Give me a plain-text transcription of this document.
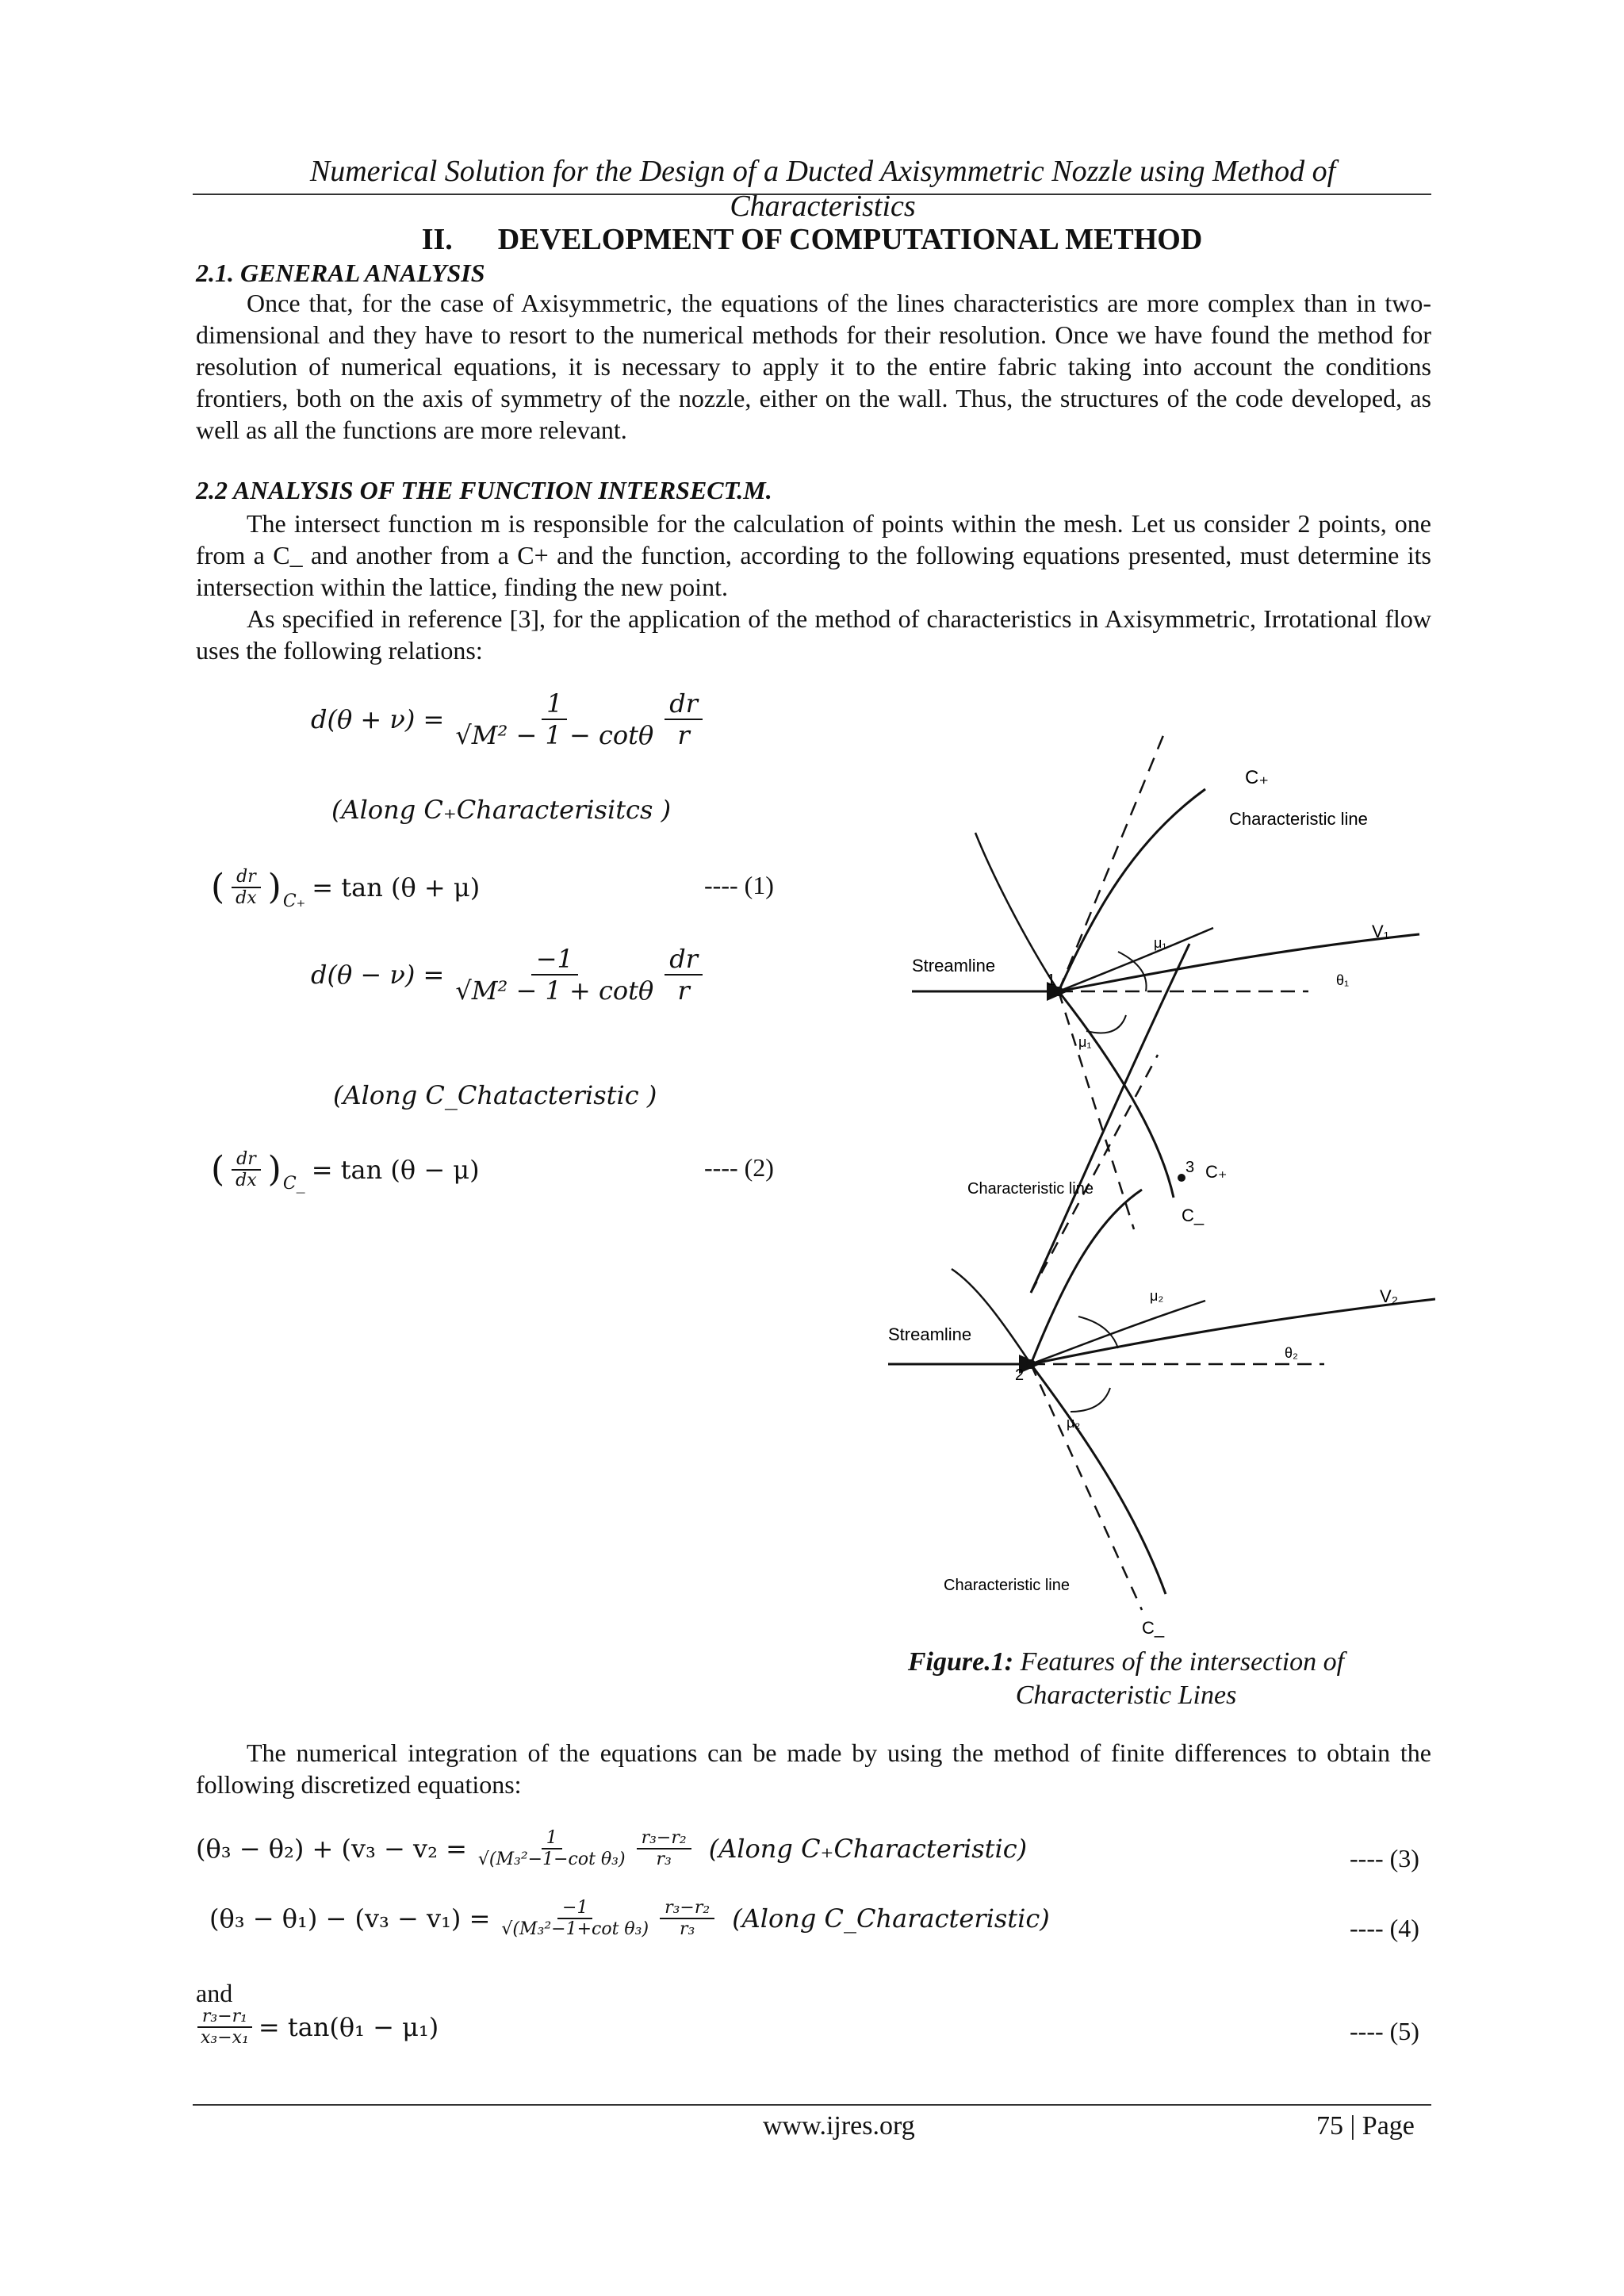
Numerical Solution for the Design of a Ducted Axisymmetric Nozzle using Method of Characteristics
II.      DEVELOPMENT OF COMPUTATIONAL METHOD
2.1. GENERAL ANALYSIS

Once that, for the case of Axisymmetric, the equations of the lines characteristics are more complex than in two-dimensional and they have to resort to the numerical methods for their resolution. Once we have found the method for resolution of numerical equations, it is necessary to apply it to the entire fabric taking into account the conditions frontiers, both on the axis of symmetry of the nozzle, either on the wall. Thus, the structures of the code developed, as well as all the functions are more relevant.

2.2 ANALYSIS OF THE FUNCTION INTERSECT.M.

The intersect function m is responsible for the calculation of points within the mesh. Let us consider 2 points, one from a C_ and another from a C+ and the function, according to the following equations presented, must determine its intersection within the lattice, finding the new point.

As specified in reference [3], for the application of the method of characteristics in Axisymmetric, Irrotational flow uses the following relations:

$d(\theta + \nu) = \frac{1}{\text{√M² − 1 − cotθ}} \frac{dr}{r}$
(Along C₊Characterisitcs )
( $\frac{dr}{dx}$ ) C₊ = tan (θ + μ)	---- (1)
$d(\theta - \nu) = \frac{-1}{\text{√M² − 1 + cotθ}} \frac{dr}{r}$
(Along C_Chatacteristic )
( $\frac{dr}{dx}$ ) C_ = tan (θ − μ)	---- (2)
C₊
Characteristic line
Streamline
V₁
θ₁
μ₁
μ₁
1
3 C₊
Characteristic line
C_
μ₂
Streamline
2
V₂
θ₂
μ₂
Characteristic line
C_
Figure.1: Features of the intersection of Characteristic Lines

The numerical integration of the equations can be made by using the method of finite differences to obtain the following discretized equations:

$(\theta_3 - \theta_2) + (v_3 - v_2 = \frac{1}{\text{√(M₃²−1−cot θ₃)}} \frac{\text{r₃−r₂}}{\text{r₃}}$ (Along C₊Characteristic)	---- (3)
$(\theta_3 - \theta_1) - (v_3 - v_1) = \frac{-1}{\text{√(M₃²−1+cot θ₃)}} \frac{\text{r₃−r₂}}{\text{r₃}}$ (Along C_Characteristic)	---- (4)
and
$\frac{\text{r₃−r₁}}{\text{x₃−x₁}} = \tan(\theta_1 - \mu_1)$	---- (5)
www.ijres.org	75 | Page
